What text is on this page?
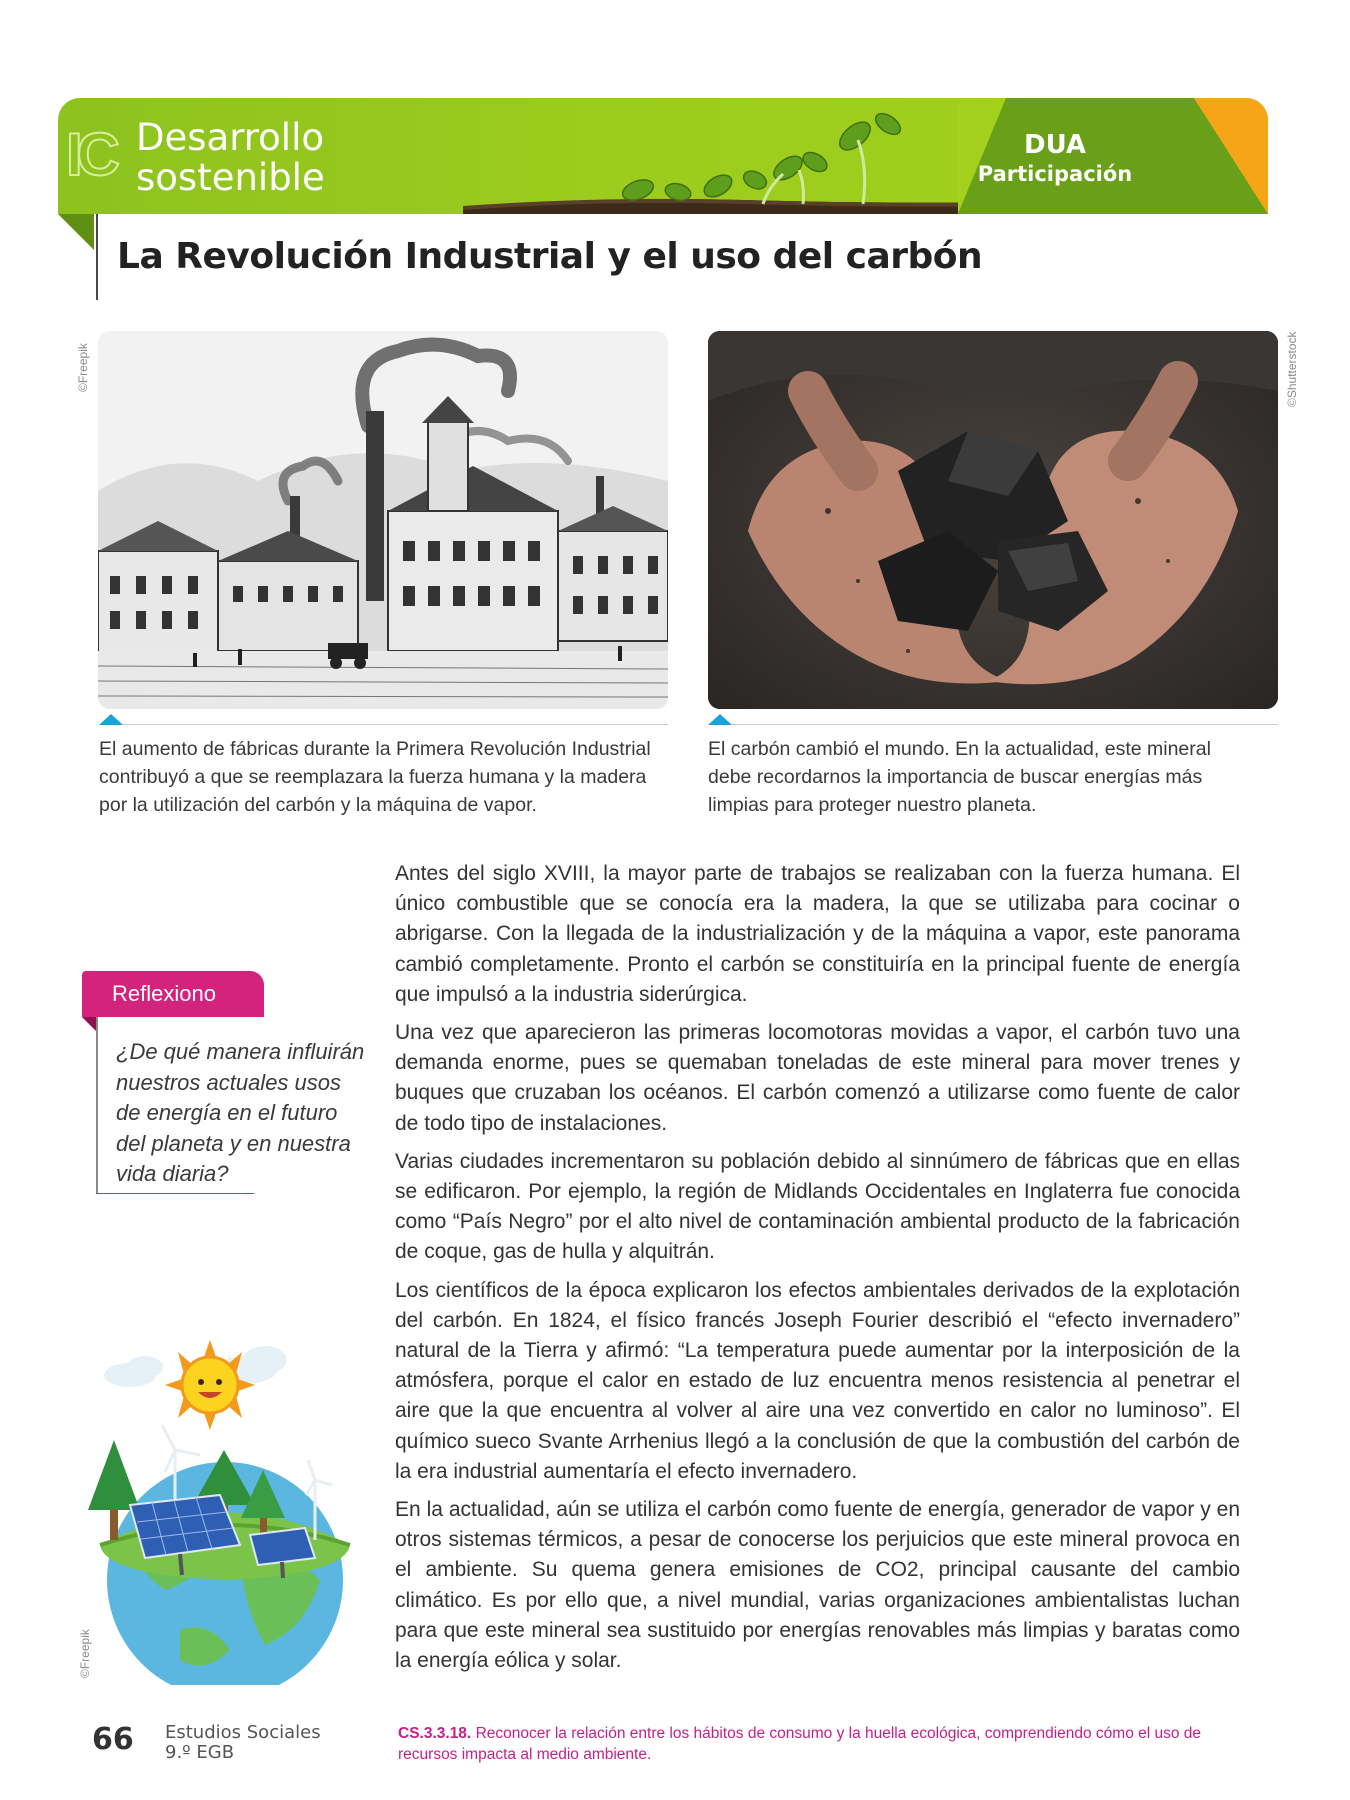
IC Desarrollo
sostenible
DUA
Participación
La Revolución Industrial y el uso del carbón
©Freepik
El aumento de fábricas durante la Primera Revolución Industrial contribuyó a que se reemplazara la fuerza humana y la madera por la utilización del carbón y la máquina de vapor.
©Shutterstock
El carbón cambió el mundo. En la actualidad, este mineral debe recordarnos la importancia de buscar energías más limpias para proteger nuestro planeta.
Reflexiono
¿De qué manera influirán nuestros actuales usos de energía en el futuro del planeta y en nuestra vida diaria?

Antes del siglo XVIII, la mayor parte de trabajos se realizaban con la fuerza humana. El único combustible que se conocía era la madera, la que se utilizaba para cocinar o abrigarse. Con la llegada de la industrialización y de la máquina a vapor, este panorama cambió completamente. Pronto el carbón se constituiría en la principal fuente de energía que impulsó a la industria siderúrgica.

Una vez que aparecieron las primeras locomotoras movidas a vapor, el carbón tuvo una demanda enorme, pues se quemaban toneladas de este mineral para mover trenes y buques que cruzaban los océanos. El carbón comenzó a utilizarse como fuente de calor de todo tipo de instalaciones.

Varias ciudades incrementaron su población debido al sinnúmero de fábricas que en ellas se edificaron. Por ejemplo, la región de Midlands Occidentales en Inglaterra fue conocida como “País Negro” por el alto nivel de contaminación ambiental producto de la fabricación de coque, gas de hulla y alquitrán.

Los científicos de la época explicaron los efectos ambientales derivados de la explotación del carbón. En 1824, el físico francés Joseph Fourier describió el “efecto invernadero” natural de la Tierra y afirmó: “La temperatura puede aumentar por la interposición de la atmósfera, porque el calor en estado de luz encuentra menos resistencia al penetrar el aire que la que encuentra al volver al aire una vez convertido en calor no luminoso”. El químico sueco Svante Arrhenius llegó a la conclusión de que la combustión del carbón de la era industrial aumentaría el efecto invernadero.

En la actualidad, aún se utiliza el carbón como fuente de energía, generador de vapor y en otros sistemas térmicos, a pesar de conocerse los perjuicios que este mineral provoca en el ambiente. Su quema genera emisiones de CO2, principal causante del cambio climático. Es por ello que, a nivel mundial, varias organizaciones ambientalistas luchan para que este mineral sea sustituido por energías renovables más limpias y baratas como la energía eólica y solar.

©Freepik
66 Estudios Sociales
9.º EGB
CS.3.3.18. Reconocer la relación entre los hábitos de consumo y la huella ecológica, comprendiendo cómo el uso de recursos impacta al medio ambiente.
